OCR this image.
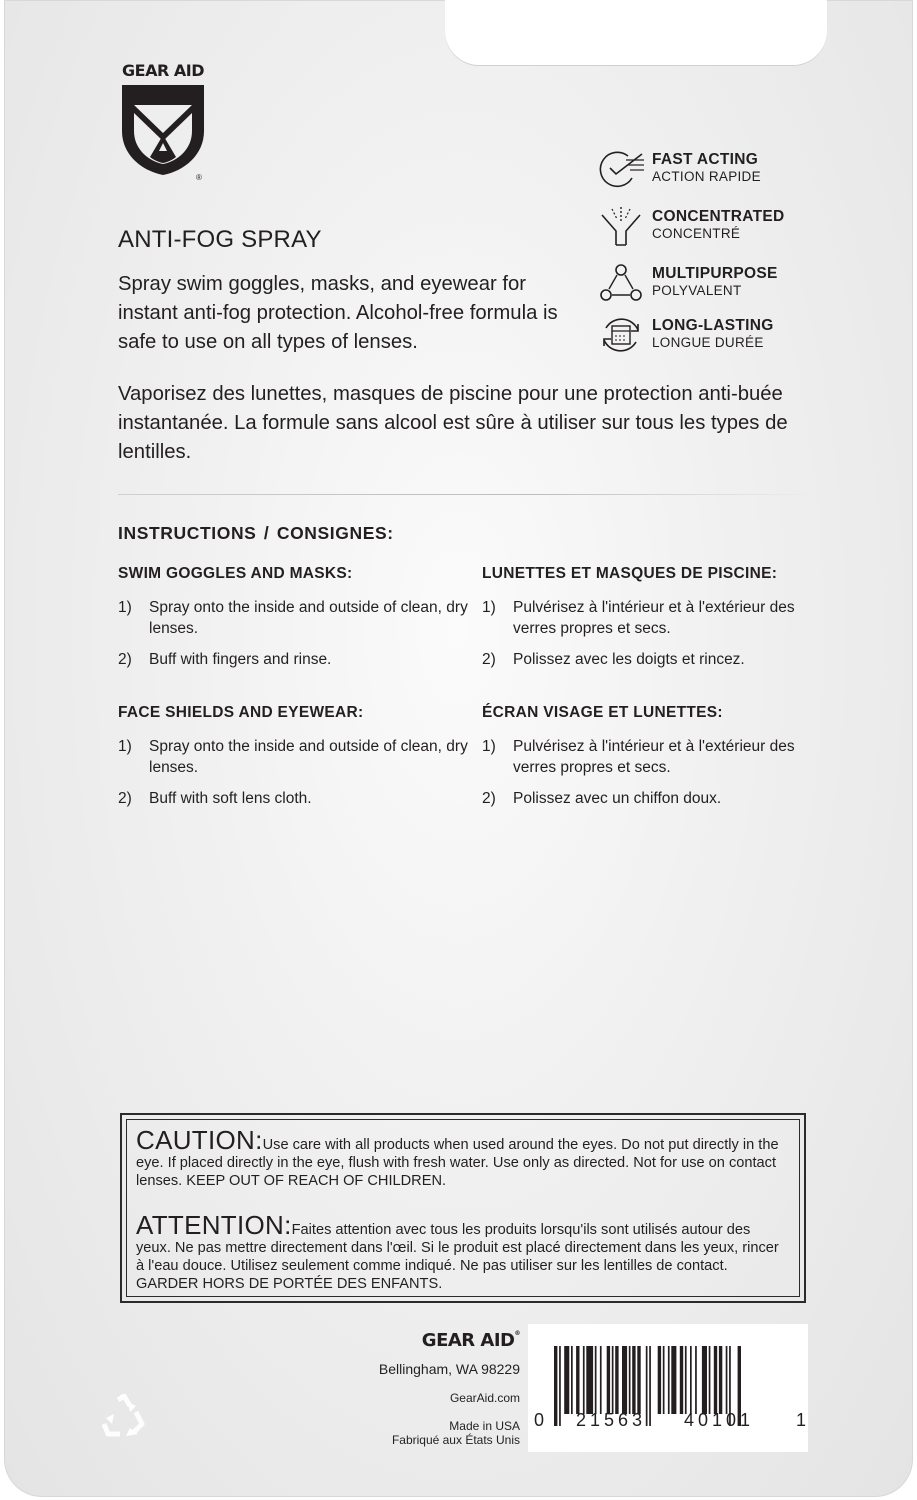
GEAR AID
®
ANTI-FOG SPRAY
Spray swim goggles, masks, and eyewear for instant anti-fog protection. Alcohol-free formula is safe to use on all types of lenses.
Vaporisez des lunettes, masques de piscine pour une protection anti-buée instantanée. La formule sans alcool est sûre à utiliser sur tous les types de lentilles.
FAST ACTING
ACTION RAPIDE
CONCENTRATED
CONCENTRÉ
MULTIPURPOSE
POLYVALENT
LONG-LASTING
LONGUE DURÉE
INSTRUCTIONS / CONSIGNES:
SWIM GOGGLES AND MASKS:
1) Spray onto the inside and outside of clean, dry lenses.
2) Buff with fingers and rinse.
LUNETTES ET MASQUES DE PISCINE:
1) Pulvérisez à l'intérieur et à l'extérieur des verres propres et secs.
2) Polissez avec les doigts et rincez.
FACE SHIELDS AND EYEWEAR:
1) Spray onto the inside and outside of clean, dry lenses.
2) Buff with soft lens cloth.
ÉCRAN VISAGE ET LUNETTES:
1) Pulvérisez à l'intérieur et à l'extérieur des verres propres et secs.
2) Polissez avec un chiffon doux.
CAUTION:Use care with all products when used around the eyes. Do not put directly in the eye. If placed directly in the eye, flush with fresh water. Use only as directed. Not for use on contact lenses. KEEP OUT OF REACH OF CHILDREN.
ATTENTION:Faites attention avec tous les produits lorsqu'ils sont utilisés autour des yeux. Ne pas mettre directement dans l'œil. Si le produit est placé directement dans les yeux, rincer à l'eau douce. Utilisez seulement comme indiqué. Ne pas utiliser sur les lentilles de contact. GARDER HORS DE PORTÉE DES ENFANTS.
GEAR AID®
Bellingham, WA 98229
GearAid.com
Made in USA
Fabriqué aux États Unis
0 21563 40101 1
